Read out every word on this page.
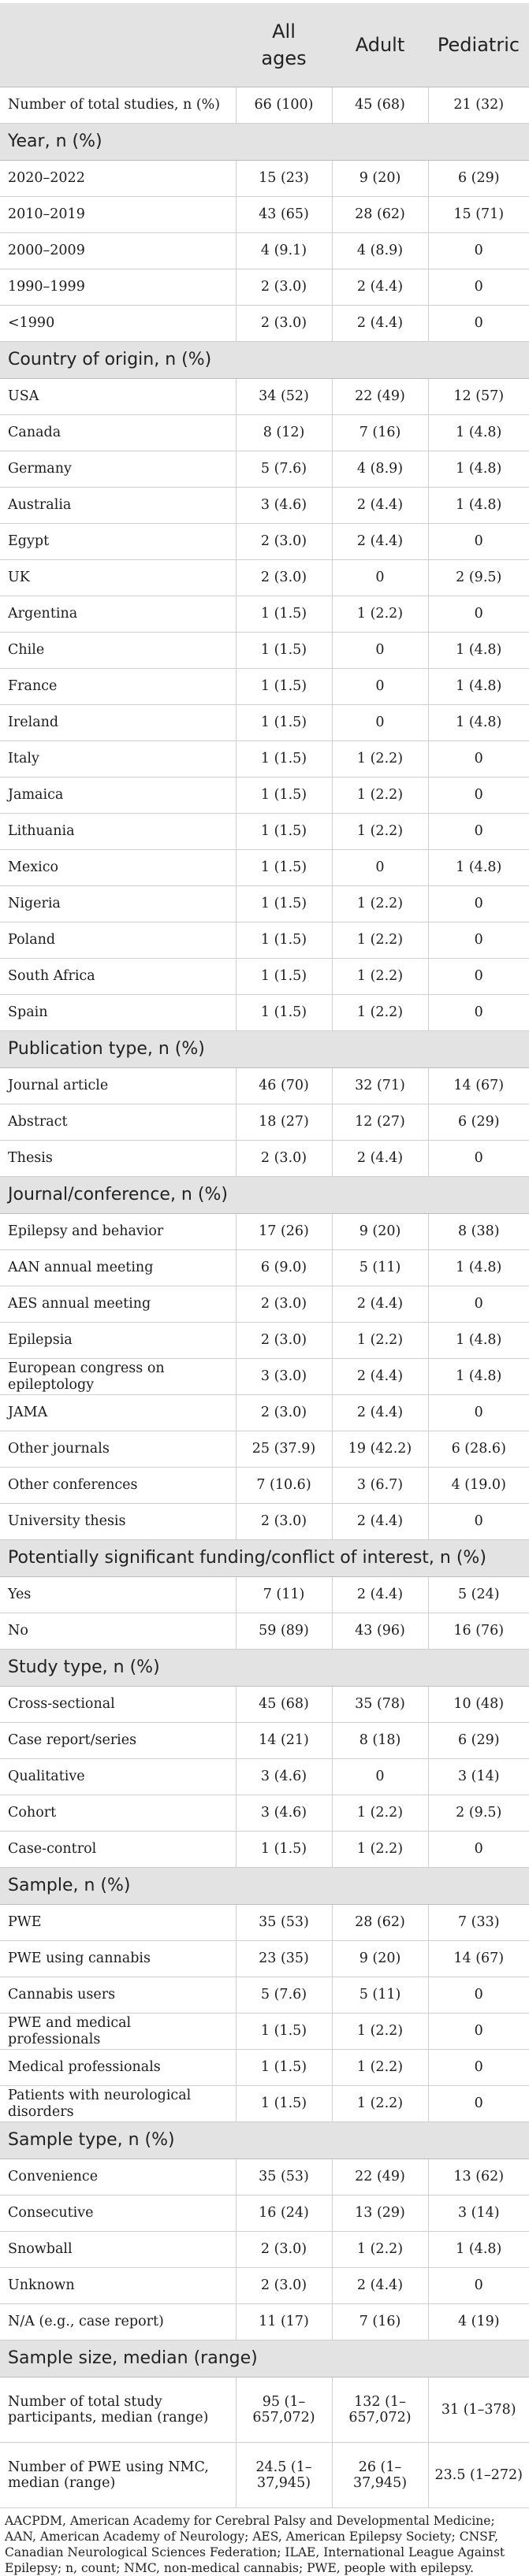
	All ages	Adult	Pediatric
Number of total studies, n (%)	66 (100)	45 (68)	21 (32)
Year, n (%)			
2020–2022	15 (23)	9 (20)	6 (29)
2010–2019	43 (65)	28 (62)	15 (71)
2000–2009	4 (9.1)	4 (8.9)	0
1990–1999	2 (3.0)	2 (4.4)	0
<1990	2 (3.0)	2 (4.4)	0
Country of origin, n (%)			
USA	34 (52)	22 (49)	12 (57)
Canada	8 (12)	7 (16)	1 (4.8)
Germany	5 (7.6)	4 (8.9)	1 (4.8)
Australia	3 (4.6)	2 (4.4)	1 (4.8)
Egypt	2 (3.0)	2 (4.4)	0
UK	2 (3.0)	0	2 (9.5)
Argentina	1 (1.5)	1 (2.2)	0
Chile	1 (1.5)	0	1 (4.8)
France	1 (1.5)	0	1 (4.8)
Ireland	1 (1.5)	0	1 (4.8)
Italy	1 (1.5)	1 (2.2)	0
Jamaica	1 (1.5)	1 (2.2)	0
Lithuania	1 (1.5)	1 (2.2)	0
Mexico	1 (1.5)	0	1 (4.8)
Nigeria	1 (1.5)	1 (2.2)	0
Poland	1 (1.5)	1 (2.2)	0
South Africa	1 (1.5)	1 (2.2)	0
Spain	1 (1.5)	1 (2.2)	0
Publication type, n (%)			
Journal article	46 (70)	32 (71)	14 (67)
Abstract	18 (27)	12 (27)	6 (29)
Thesis	2 (3.0)	2 (4.4)	0
Journal/conference, n (%)			
Epilepsy and behavior	17 (26)	9 (20)	8 (38)
AAN annual meeting	6 (9.0)	5 (11)	1 (4.8)
AES annual meeting	2 (3.0)	2 (4.4)	0
Epilepsia	2 (3.0)	1 (2.2)	1 (4.8)
European congress on epileptology	3 (3.0)	2 (4.4)	1 (4.8)
JAMA	2 (3.0)	2 (4.4)	0
Other journals	25 (37.9)	19 (42.2)	6 (28.6)
Other conferences	7 (10.6)	3 (6.7)	4 (19.0)
University thesis	2 (3.0)	2 (4.4)	0
Potentially significant funding/conflict of interest, n (%)			
Yes	7 (11)	2 (4.4)	5 (24)
No	59 (89)	43 (96)	16 (76)
Study type, n (%)			
Cross-sectional	45 (68)	35 (78)	10 (48)
Case report/series	14 (21)	8 (18)	6 (29)
Qualitative	3 (4.6)	0	3 (14)
Cohort	3 (4.6)	1 (2.2)	2 (9.5)
Case-control	1 (1.5)	1 (2.2)	0
Sample, n (%)			
PWE	35 (53)	28 (62)	7 (33)
PWE using cannabis	23 (35)	9 (20)	14 (67)
Cannabis users	5 (7.6)	5 (11)	0
PWE and medical professionals	1 (1.5)	1 (2.2)	0
Medical professionals	1 (1.5)	1 (2.2)	0
Patients with neurological disorders	1 (1.5)	1 (2.2)	0
Sample type, n (%)			
Convenience	35 (53)	22 (49)	13 (62)
Consecutive	16 (24)	13 (29)	3 (14)
Snowball	2 (3.0)	1 (2.2)	1 (4.8)
Unknown	2 (3.0)	2 (4.4)	0
N/A (e.g., case report)	11 (17)	7 (16)	4 (19)
Sample size, median (range)			
Number of total study participants, median (range)	95 (1–657,072)	132 (1–657,072)	31 (1–378)
Number of PWE using NMC, median (range)	24.5 (1–37,945)	26 (1–37,945)	23.5 (1–272)
AACPDM, American Academy for Cerebral Palsy and Developmental Medicine; AAN, American Academy of Neurology; AES, American Epilepsy Society; CNSF, Canadian Neurological Sciences Federation; ILAE, International League Against Epilepsy; n, count; NMC, non-medical cannabis; PWE, people with epilepsy.
